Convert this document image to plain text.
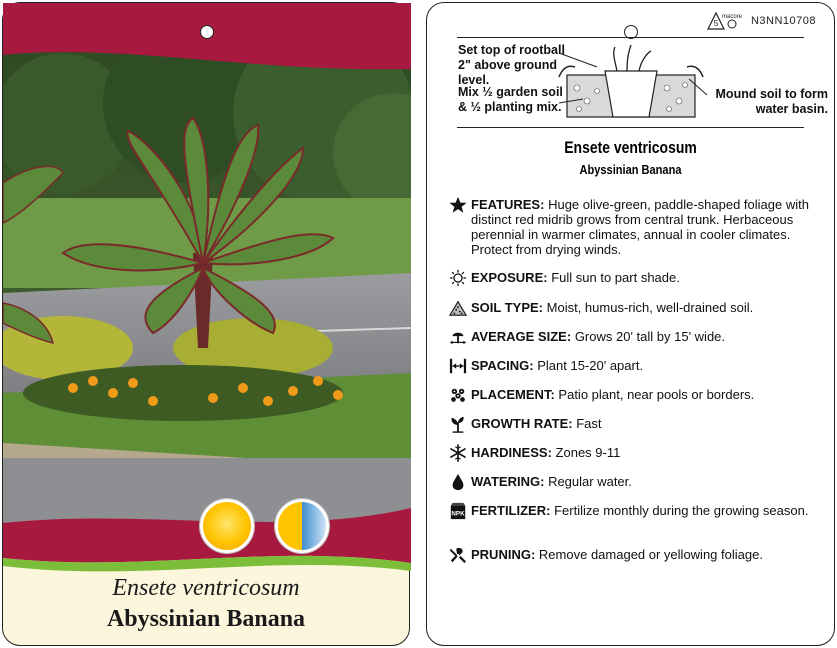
Ensete ventricosum
Abyssinian Banana
5
macore N3NN10708
Set top of rootball 2" above ground level.
Mix ½ garden soil & ½ planting mix.
Mound soil to form water basin.
Ensete ventricosum
Abyssinian Banana
FEATURES: Huge olive-green, paddle-shaped foliage with distinct red midrib grows from central trunk. Herbaceous perennial in warmer climates, annual in cooler climates. Protect from drying winds.
EXPOSURE: Full sun to part shade.
SOIL TYPE: Moist, humus-rich, well-drained soil.
AVERAGE SIZE: Grows 20' tall by 15' wide.
SPACING: Plant 15-20' apart.
PLACEMENT: Patio plant, near pools or borders.
GROWTH RATE: Fast
HARDINESS: Zones 9-11
WATERING: Regular water.
NPK FERTILIZER: Fertilize monthly during the growing season.
PRUNING: Remove damaged or yellowing foliage.
